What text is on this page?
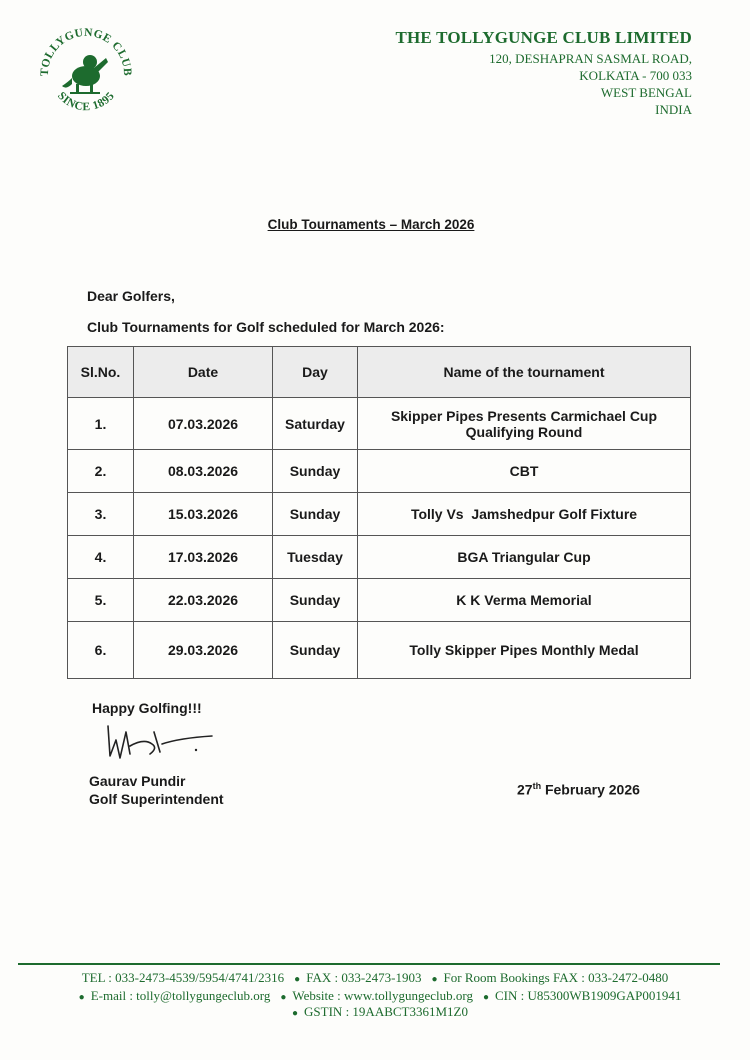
TOLLYGUNGE CLUB
SINCE 1895
THE TOLLYGUNGE CLUB LIMITED
120, DESHAPRAN SASMAL ROAD,
KOLKATA - 700 033
WEST BENGAL
INDIA
Club Tournaments – March 2026
Dear Golfers,
Club Tournaments for Golf scheduled for March 2026:
Sl.No.	Date	Day	Name of the tournament
1.	07.03.2026	Saturday	Skipper Pipes Presents Carmichael Cup
Qualifying Round

2.	08.03.2026	Sunday	CBT
3.	15.03.2026	Sunday	Tolly Vs  Jamshedpur Golf Fixture
4.	17.03.2026	Tuesday	BGA Triangular Cup
5.	22.03.2026	Sunday	K K Verma Memorial
6.	29.03.2026	Sunday	Tolly Skipper Pipes Monthly Medal
Happy Golfing!!!
Gaurav Pundir
Golf Superintendent
27th February 2026
TEL : 033-2473-4539/5954/4741/2316 ● FAX : 033-2473-1903 ● For Room Bookings FAX : 033-2472-0480
● E-mail : tolly@tollygungeclub.org ● Website : www.tollygungeclub.org ● CIN : U85300WB1909GAP001941
● GSTIN : 19AABCT3361M1Z0
